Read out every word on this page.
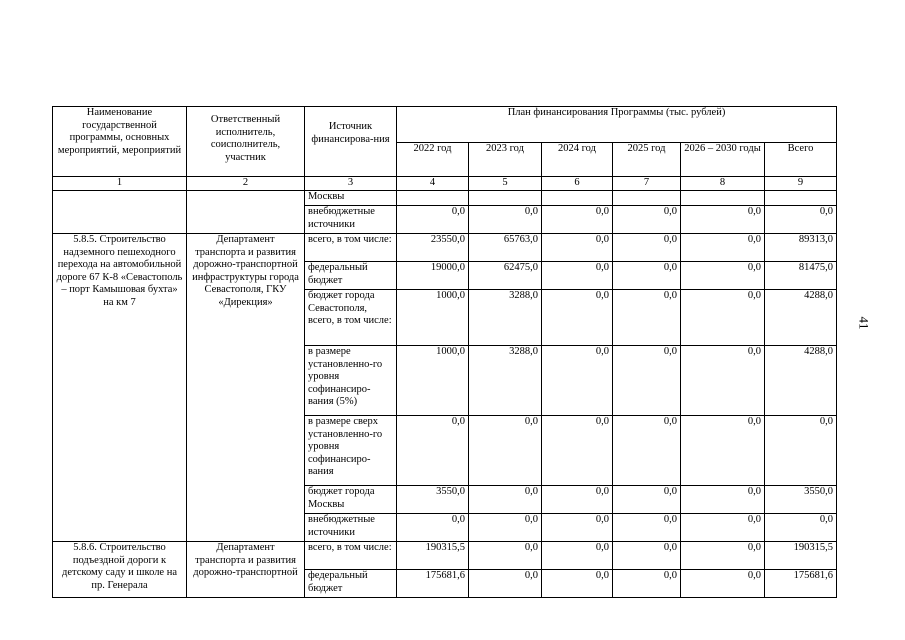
41
Наименование государственной программы, основных мероприятий, мероприятий	Ответственный исполнитель, соисполнитель, участник	Источник финансирова-ния	План финансирования Программы (тыс. рублей)					
			2022 год	2023 год	2024 год	2025 год	2026 – 2030 годы	Всего
1	2	3	4	5	6	7	8	9
		Москвы						
		внебюджетные источники	0,0	0,0	0,0	0,0	0,0	0,0
5.8.5. Строительство надземного пешеходного перехода на автомобильной дороге 67 К-8 «Севастополь – порт Камышовая бухта» на км 7	Департамент транспорта и развития дорожно-транспортной инфраструктуры города Севастополя, ГКУ «Дирекция»	всего, в том числе:	23550,0	65763,0	0,0	0,0	0,0	89313,0
		федеральный бюджет	19000,0	62475,0	0,0	0,0	0,0	81475,0
		бюджет города Севастополя, всего, в том числе:	1000,0	3288,0	0,0	0,0	0,0	4288,0
		в размере установленно-го уровня софинансиро-вания (5%)	1000,0	3288,0	0,0	0,0	0,0	4288,0
		в размере сверх установленно-го уровня софинансиро-вания	0,0	0,0	0,0	0,0	0,0	0,0
		бюджет города Москвы	3550,0	0,0	0,0	0,0	0,0	3550,0
		внебюджетные источники	0,0	0,0	0,0	0,0	0,0	0,0
5.8.6. Строительство подъездной дороги к детскому саду и школе на пр. Генерала	Департамент транспорта и развития дорожно-транспортной	всего, в том числе:	190315,5	0,0	0,0	0,0	0,0	190315,5
		федеральный бюджет	175681,6	0,0	0,0	0,0	0,0	175681,6
